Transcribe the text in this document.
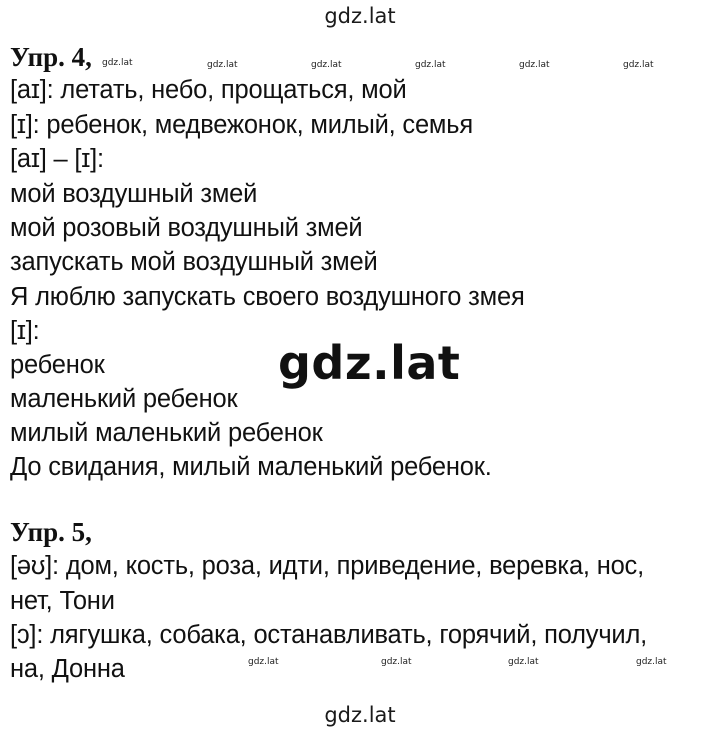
gdz.lat
Упр. 4, gdz.lat	gdz.lat	gdz.lat	gdz.lat	gdz.lat	gdz.lat
[aɪ]: летать, небо, прощаться, мой
[ɪ]: ребенок, медвежонок, милый, семья
[aɪ] – [ɪ]:
мой воздушный змей
мой розовый воздушный змей
запускать мой воздушный змей
Я люблю запускать своего воздушного змея
[ɪ]:
ребенок
маленький ребенок
милый маленький ребенок
До свидания, милый маленький ребенок.
gdz.lat
Упр. 5,
[əʊ]: дом, кость, роза, идти, приведение, веревка, нос,
нет, Тони
[ɔ]: лягушка, собака, останавливать, горячий, получил,
на, Донна	gdz.lat	gdz.lat	gdz.lat	gdz.lat
gdz.lat
